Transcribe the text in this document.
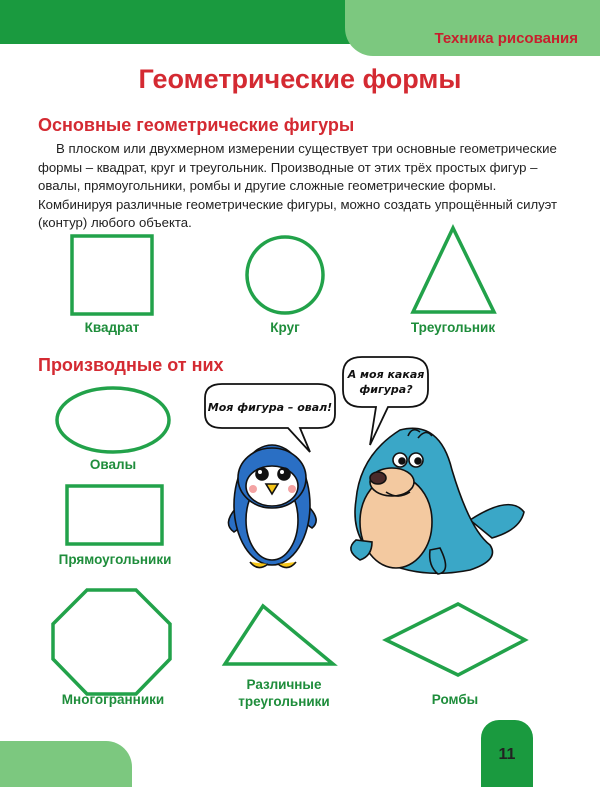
Техника рисования
Геометрические формы
Основные геометрические фигуры
В плоском или двухмерном измерении существует три основные геометрические формы – квадрат, круг и треугольник. Производные от этих трёх простых фигур – овалы, прямоугольники, ромбы и другие сложные геометрические формы. Комбинируя различные геометрические фигуры, можно создать упрощённый силуэт (контур) любого объекта.
Моя фигура – овал!
А моя какая
фигура?
Квадрат	Круг	Треугольник
Производные от них
Овалы
Прямоугольники
Многогранники
Различные
треугольники	Ромбы
11
